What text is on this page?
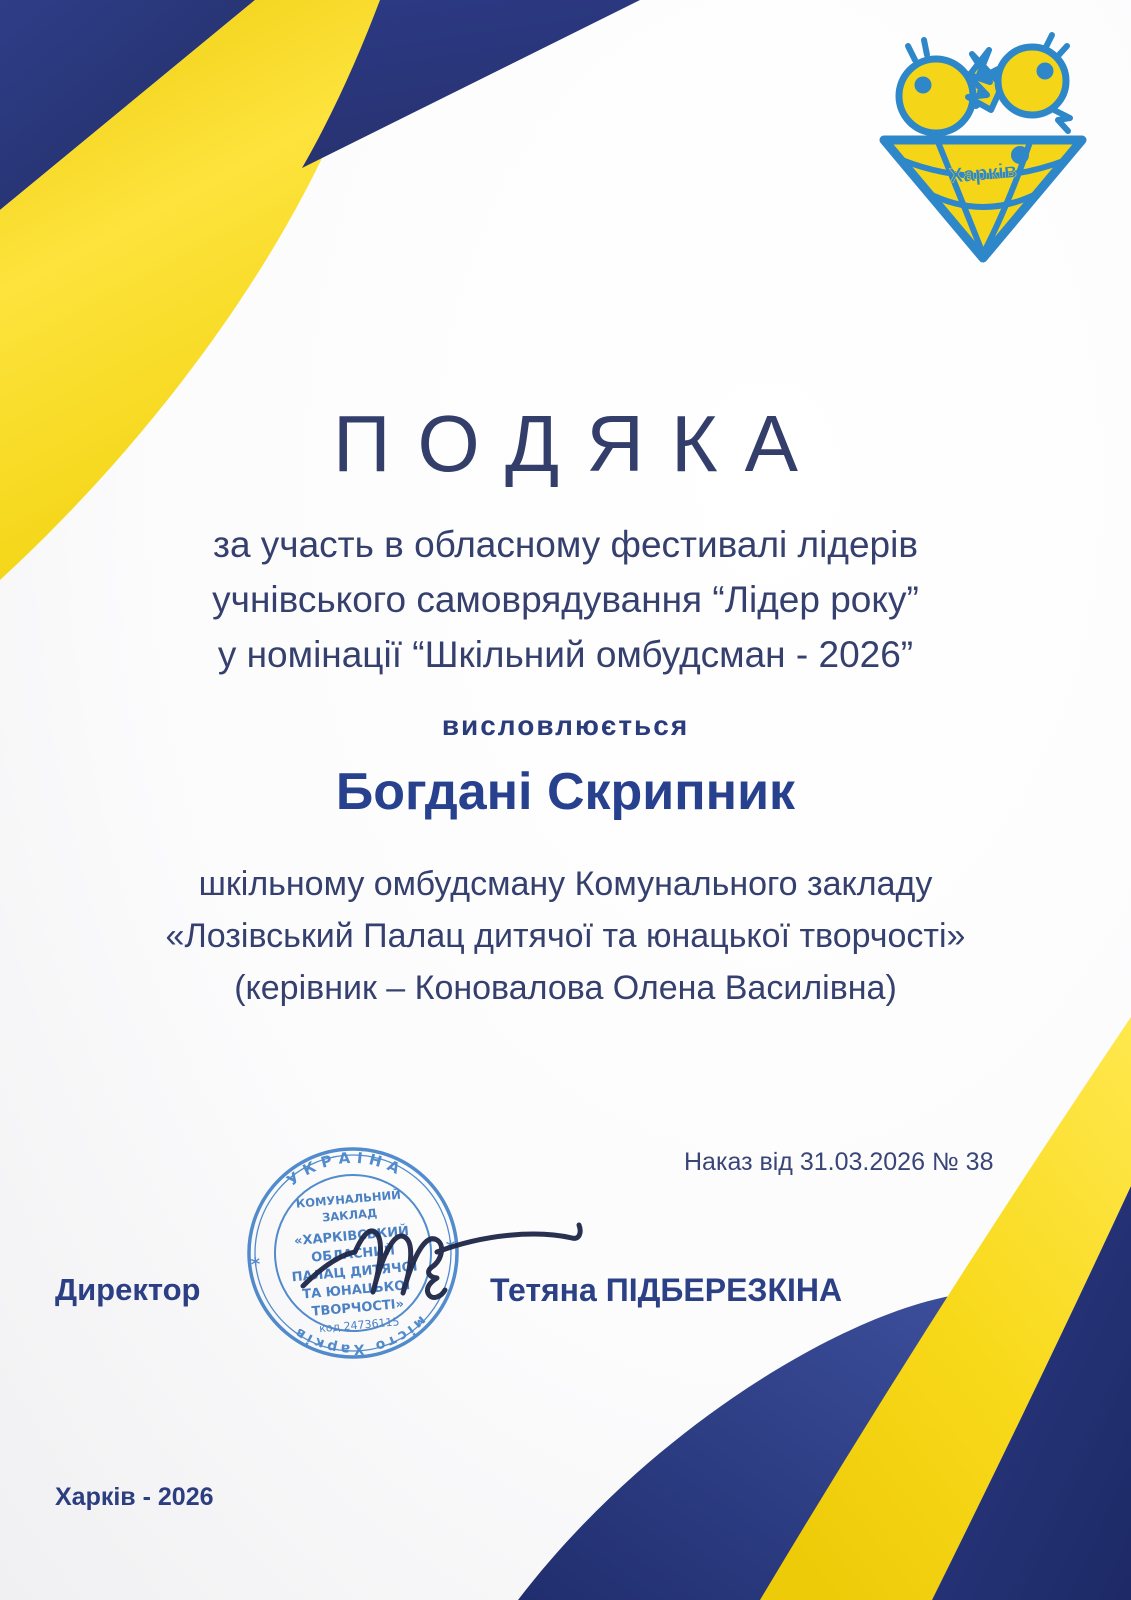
Харків
ПОДЯКА
за участь в обласному фестивалі лідерів
учнівського самоврядування “Лідер року”
у номінації “Шкільний омбудсман - 2026”
висловлюється
Богдані Скрипник
шкільному омбудсману Комунального закладу
«Лозівський Палац дитячої та юнацької творчості»
(керівник – Коновалова Олена Василівна)
Наказ від 31.03.2026 № 38
УКРАЇНА
місто Харків
*
*
КОМУНАЛЬНИЙ
ЗАКЛАД
«ХАРКІВСЬКИЙ
ОБЛАСНИЙ
ПАЛАЦ ДИТЯЧОЇ
ТА ЮНАЦЬКОЇ
ТВОРЧОСТІ»
код 24736115
Директор	Тетяна ПІДБЕРЕЗКІНА
Харків - 2026
